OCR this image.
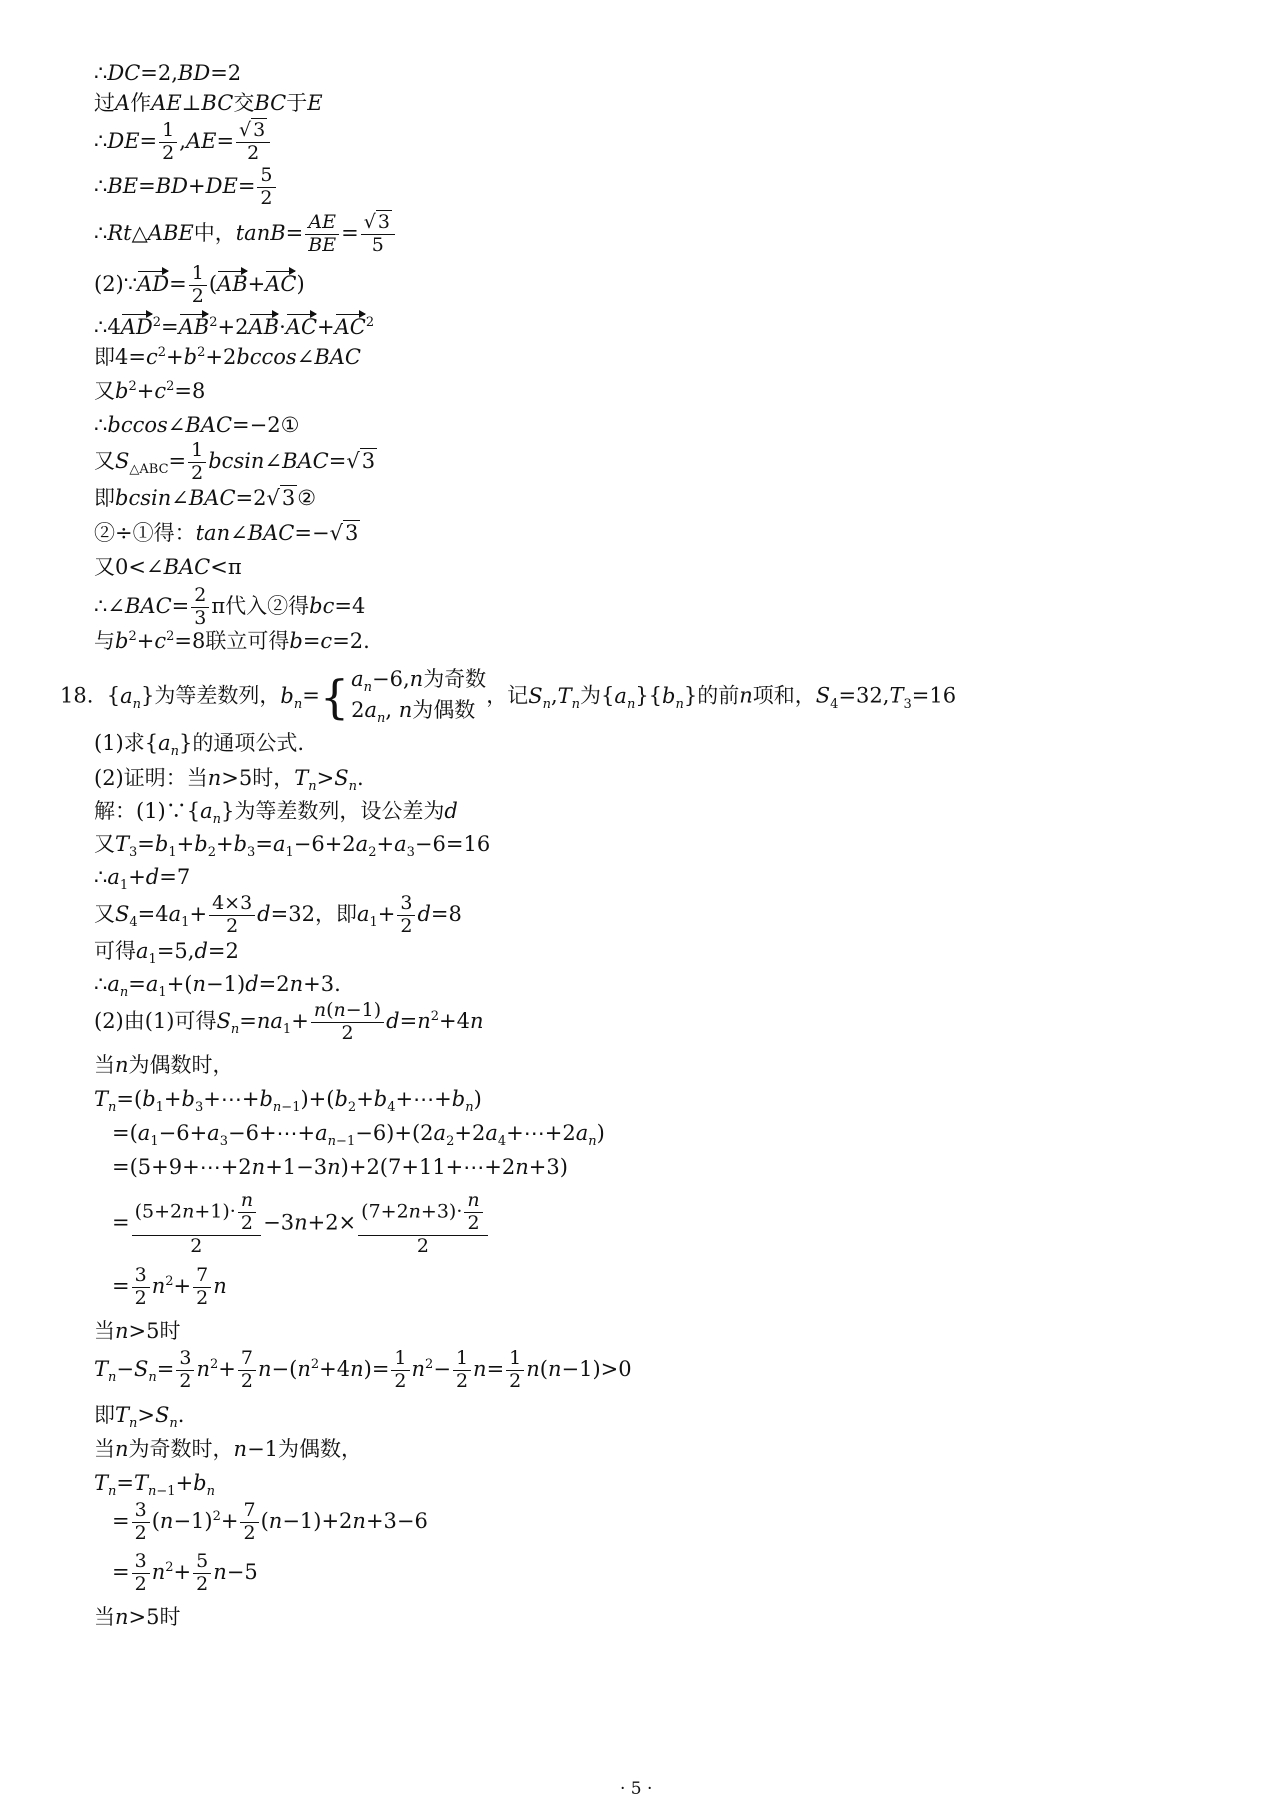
∴DC=2,BD=2
过A作AE⊥BC交BC于E
∴DE= $\frac{1}{2} ,AE= \frac{√ 3}{2}$
∴BE=BD+DE= $\frac{5}{2}$
∴Rt△ABE中，$\tan B= \frac{AE}{BE} = \frac{√ 3}{5}$
(2)∵AD= $\frac{1}{2} (AB+AC)$
$\therefore 4AD^2=AB^2+2AB\cdot AC+AC^2$
即$4=c^2+b^2+2bccos\angle BAC$
又$b^2+c^2=8$
∴bccos∠BAC=−2①
又$S_{\triangle ABC}= \frac{1}{2}$ bcsin∠BAC=√3
即bcsin∠BAC=2√3②
②÷①得：tan∠BAC=−√3
又0<∠BAC<π
∴∠BAC= $\frac{2}{3}$ π代入②得bc=4
与$b^2+c^2=8$联立可得b=c=2.
18.  $\{a_n\}$为等差数列，$b_n=${ $a_n-6,n$为奇数
$2a_n$, n为偶数
，记$S_n,T_n$为$\{a_n\}\{b_n\}$的前n项和，$S_4=32,T_3=16$
(1)求$\{a_n\}$的通项公式.
(2)证明：当n>5时，$T_n>S_n$.
解：$(1)\because\{a_n\}$为等差数列，设公差为d
又$T_3=b_1+b_2+b_3=a_1-6+2a_2+a_3-6=16$
$\therefore a_1+d=7$
又$S_4=4a_1+ \frac{4\times 3}{2} d=32$，即$a_1+ \frac{3}{2} d=8$
可得$a_1=5,d=2$
$\therefore a_n=a_1+(n-1)d=2n+3$.
(2)由(1)可得$S_n=na_1+ \frac{n(n-1)}{2} d=n^2+4n$
当n为偶数时，
$T_n=(b_1+b_3+\cdots+b_{n-1})+(b_2+b_4+\cdots+b_n)$
$=(a_1-6+a_3-6+\cdots+a_{n-1}-6)+(2a_2+2a_4+\cdots+2a_n)$
=(5+9+⋯+2n+1−3n)+2(7+11+⋯+2n+3)
= $\frac{(5+2n+1)\cdot \frac{n}{2}}{2} -3n+2\times \frac{(7+2n+3)\cdot \frac{n}{2}}{2}$
= $\frac{3}{2} n^2+ \frac{7}{2}$ n
当n>5时
$T_n-S_n= \frac{3}{2} n^2+ \frac{7}{2} n-(n^2+4n)= \frac{1}{2} n^2- \frac{1}{2} n= \frac{1}{2} n(n-1)>0$
即$T_n>S_n$.
当n为奇数时，n−1为偶数，
$T_n=T_{n-1}+b_n$
= $\frac{3}{2} (n-1)^2+ \frac{7}{2} (n-1)+2n+3-6$
= $\frac{3}{2} n^2+ \frac{5}{2} n-5$
当n>5时
· 5 ·
